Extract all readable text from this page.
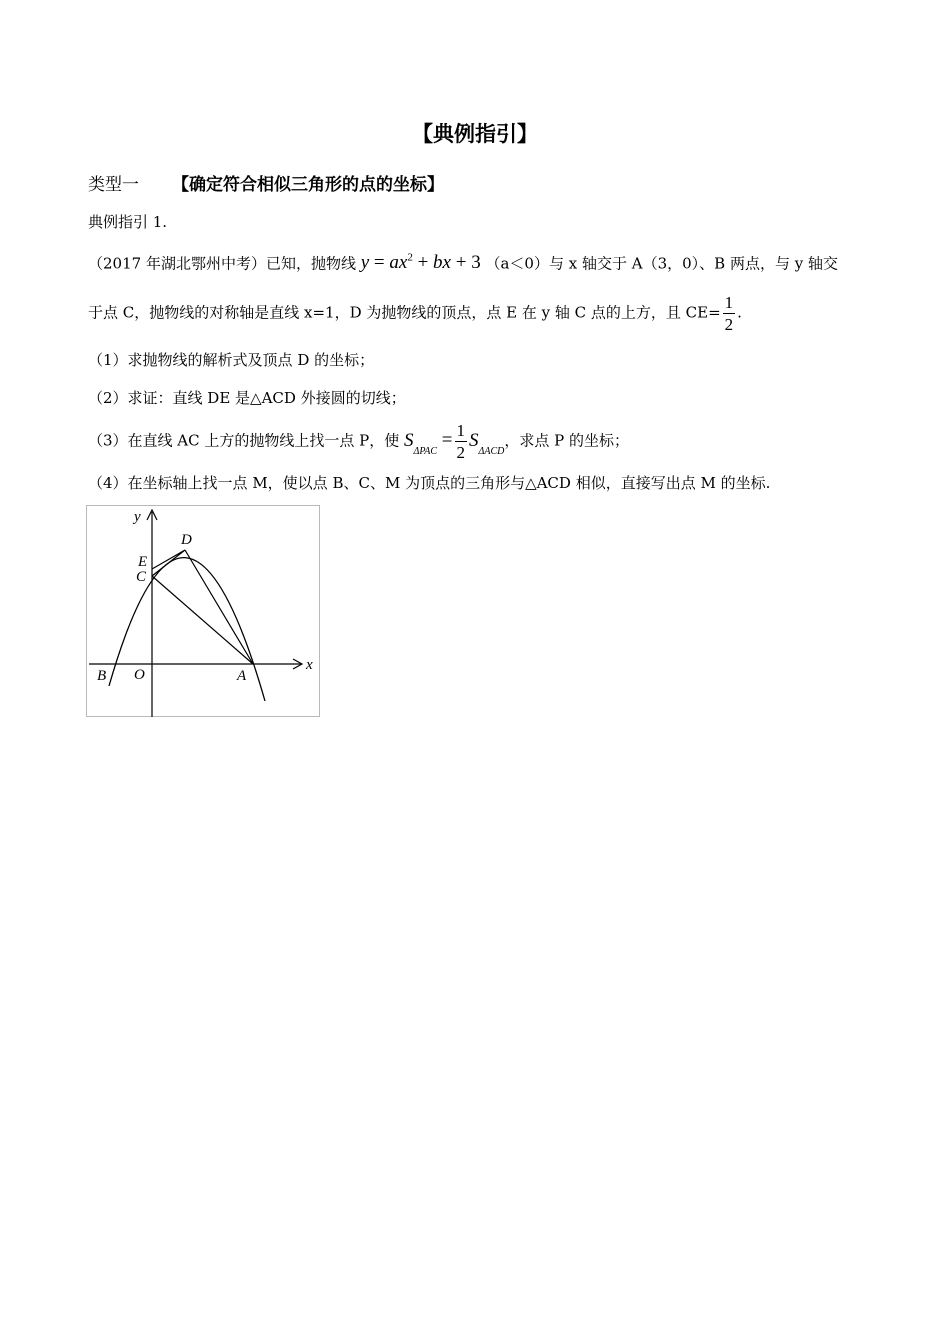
【典例指引】
类型一 【确定符合相似三角形的点的坐标】
典例指引 1.
（2017 年湖北鄂州中考）已知，抛物线 $y = ax^2$ + bx + 3 （a＜0）与 x 轴交于 A（3，0）、B 两点，与 y 轴交
于点 C，抛物线的对称轴是直线 x=1，D 为抛物线的顶点，点 E 在 y 轴 C 点的上方，且 $CE= \frac{1}{2}$ .
（1）求抛物线的解析式及顶点 D 的坐标；
（2）求证：直线 DE 是△ACD 外接圆的切线；
（3）在直线 AC 上方的抛物线上找一点 P，使 $S_{\Delta PAC} = \frac{1}{2} S_{\Delta ACD}$，求点 P 的坐标；
（4）在坐标轴上找一点 M，使以点 B、C、M 为顶点的三角形与△ACD 相似，直接写出点 M 的坐标.
y
x
D
E
C
O
B	A
